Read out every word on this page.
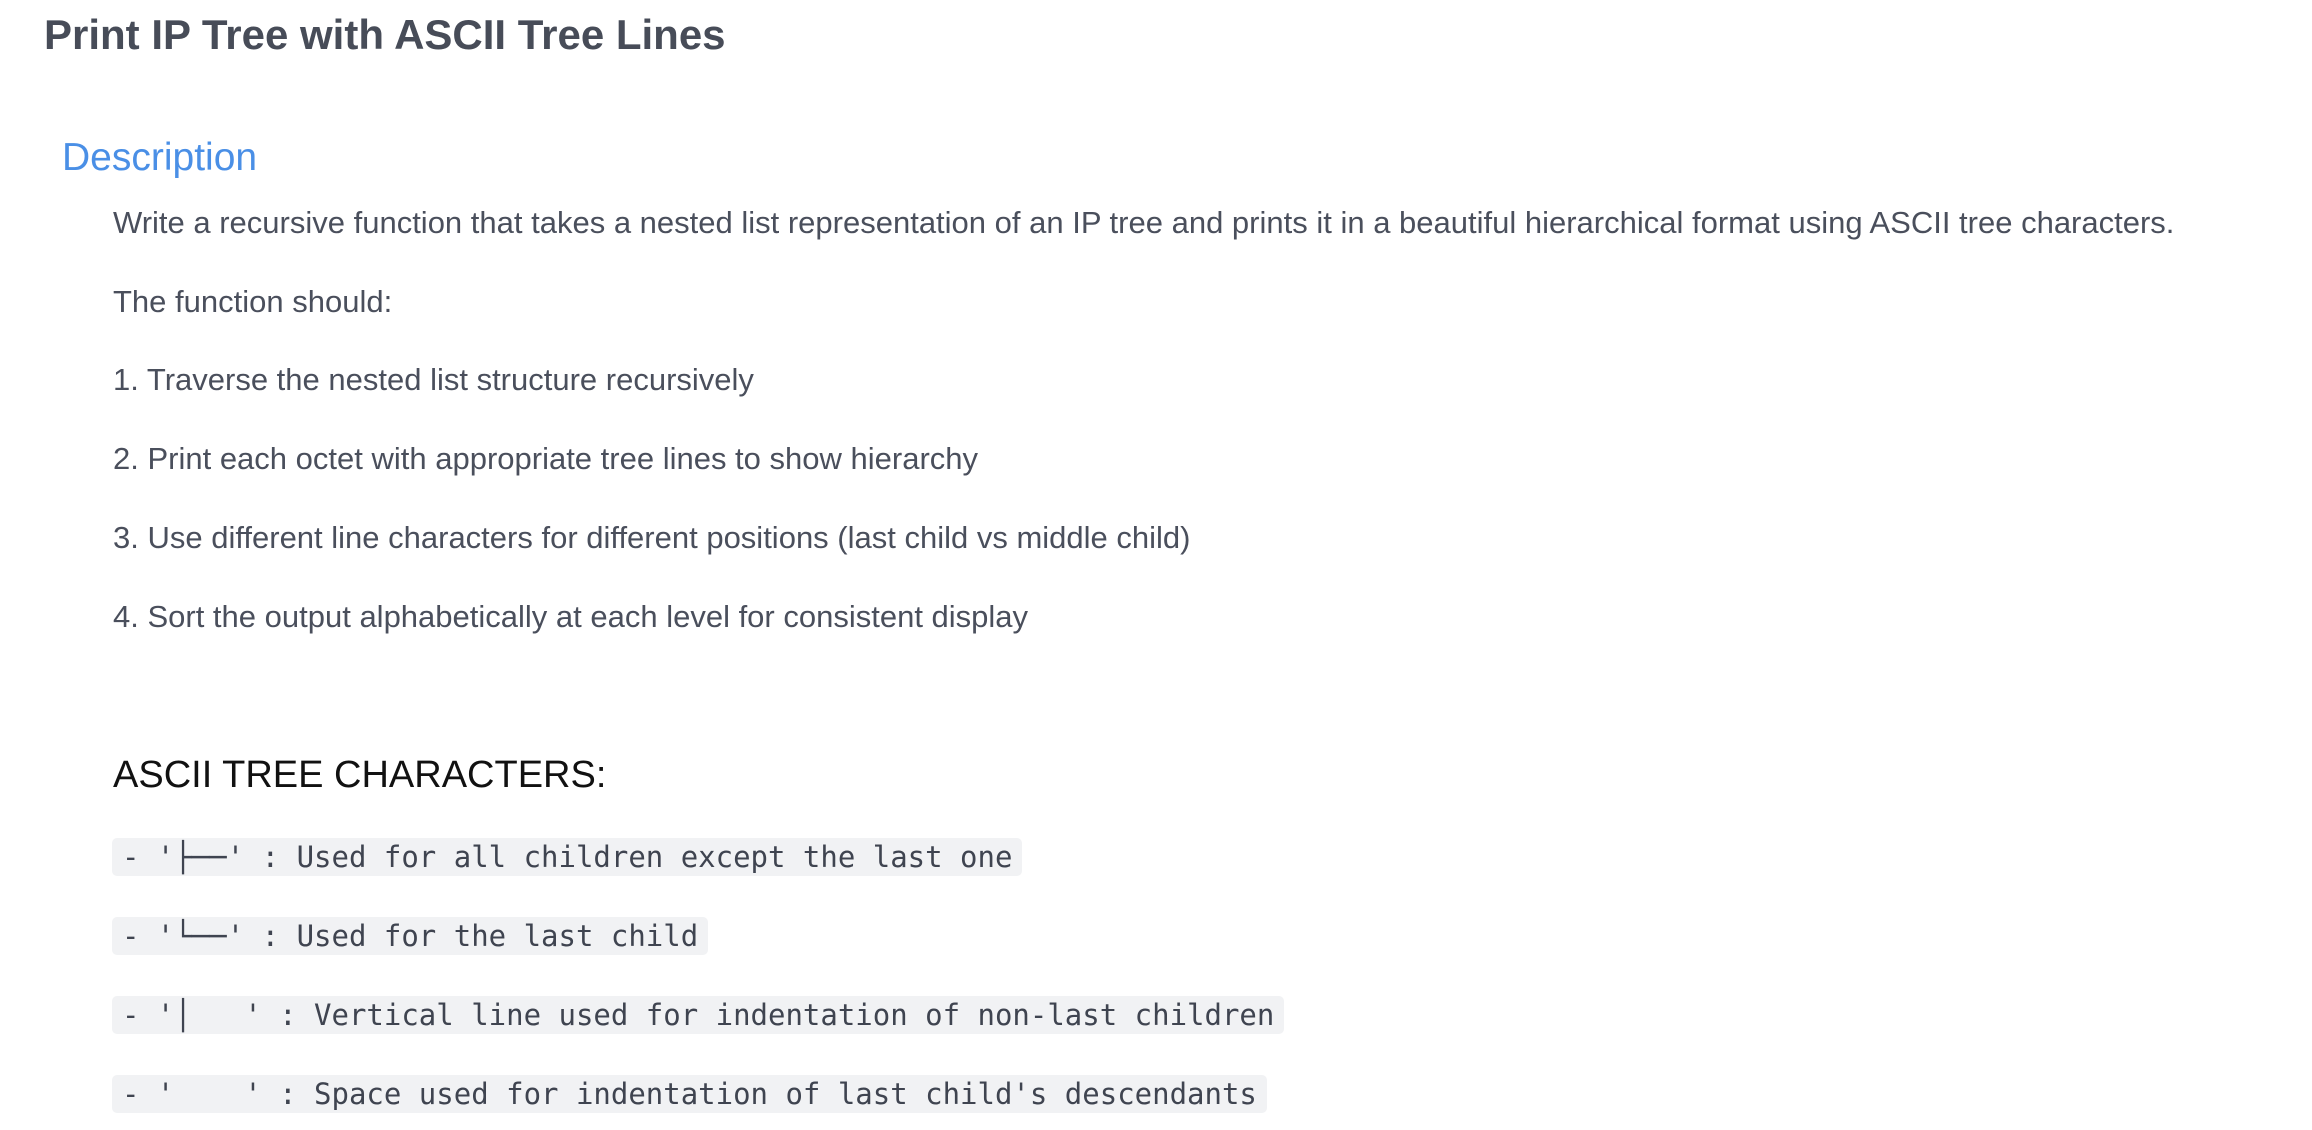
Print IP Tree with ASCII Tree Lines
Description

Write a recursive function that takes a nested list representation of an IP tree and prints it in a beautiful hierarchical format using ASCII tree characters.

The function should:

1. Traverse the nested list structure recursively

2. Print each octet with appropriate tree lines to show hierarchy

3. Use different line characters for different positions (last child vs middle child)

4. Sort the output alphabetically at each level for consistent display

ASCII TREE CHARACTERS:
- '├──' : Used for all children except the last one
- '└──' : Used for the last child
- '│   ' : Vertical line used for indentation of non-last children
- '    ' : Space used for indentation of last child's descendants
